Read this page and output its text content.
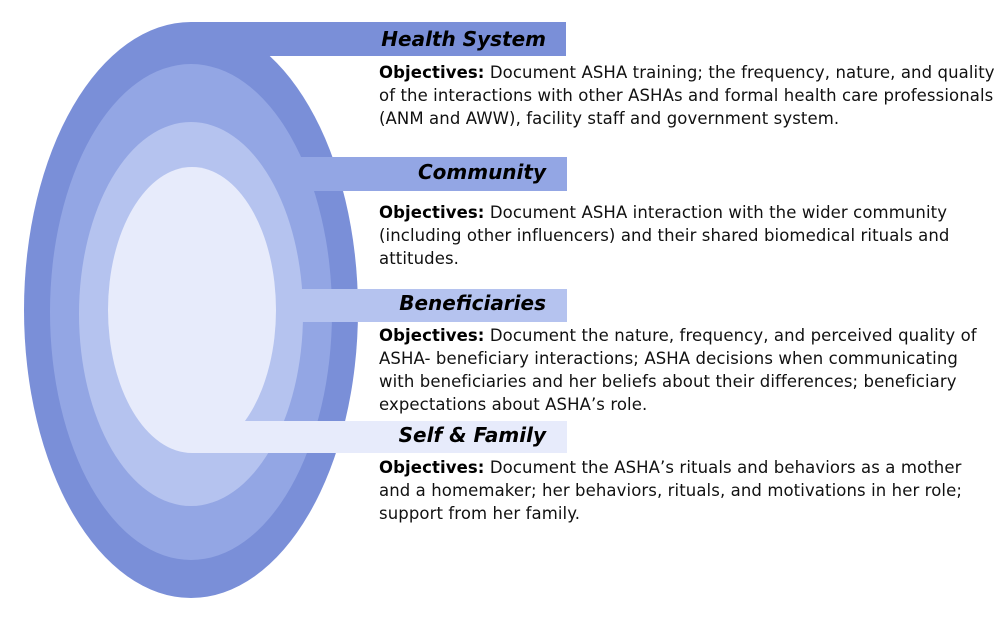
Health System
Community
Beneficiaries
Self & Family
Objectives: Document ASHA training; the frequency, nature, and quality of the interactions with other ASHAs and formal health care professionals (ANM and AWW), facility staff and government system.
Objectives: Document ASHA interaction with the wider community (including other influencers) and their shared biomedical rituals and attitudes.
Objectives: Document the nature, frequency, and perceived quality of ASHA- beneficiary interactions; ASHA decisions when communicating with beneficiaries and her beliefs about their differences; beneficiary expectations about ASHA’s role.
Objectives: Document the ASHA’s rituals and behaviors as a mother and a homemaker; her behaviors, rituals, and motivations in her role; support from her family.
